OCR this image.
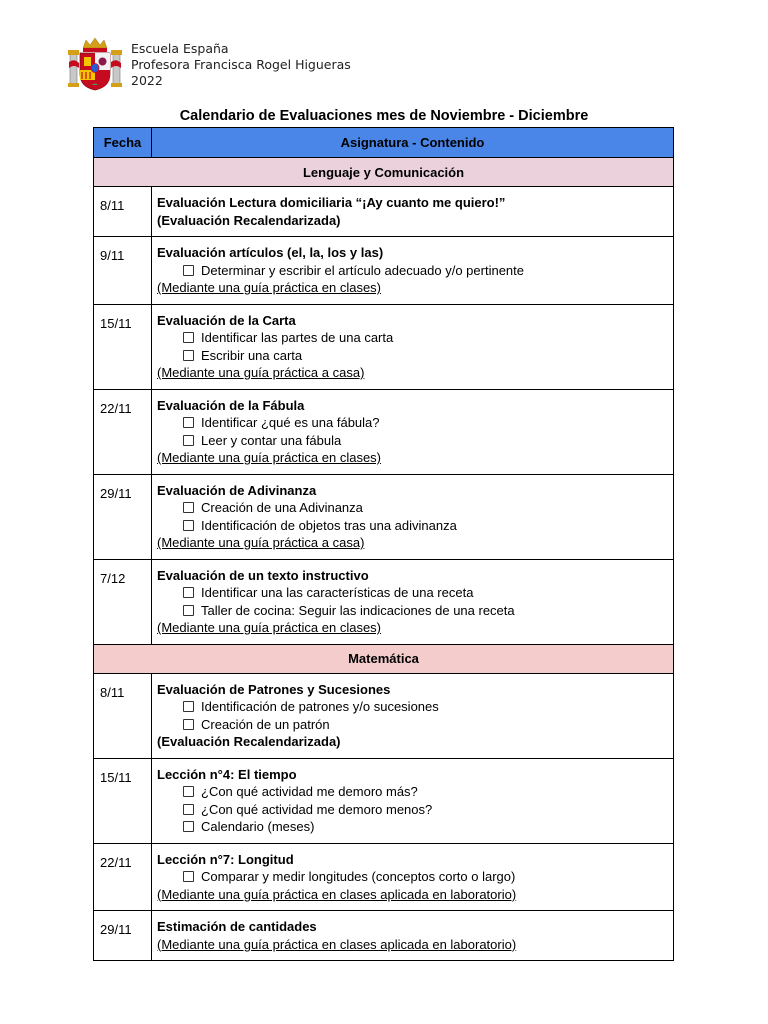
Escuela España
Profesora Francisca Rogel Higueras
2022
Calendario de Evaluaciones mes de Noviembre - Diciembre
Fecha	Asignatura - Contenido
Lenguaje y Comunicación	
8/11	Evaluación Lectura domiciliaria “¡Ay cuanto me quiero!”
(Evaluación Recalendarizada)

9/11	Evaluación artículos (el, la, los y las)
Determinar y escribir el artículo adecuado y/o pertinente
(Mediante una guía práctica en clases)

15/11	Evaluación de la Carta
Identificar las partes de una carta
Escribir una carta
(Mediante una guía práctica a casa)

22/11	Evaluación de la Fábula
Identificar ¿qué es una fábula?
Leer y contar una fábula
(Mediante una guía práctica en clases)

29/11	Evaluación de Adivinanza
Creación de una Adivinanza
Identificación de objetos tras una adivinanza
(Mediante una guía práctica a casa)

7/12	Evaluación de un texto instructivo
Identificar una las características de una receta
Taller de cocina: Seguir las indicaciones de una receta
(Mediante una guía práctica en clases)

Matemática	
8/11	Evaluación de Patrones y Sucesiones
Identificación de patrones y/o sucesiones
Creación de un patrón
(Evaluación Recalendarizada)

15/11	Lección n°4: El tiempo
¿Con qué actividad me demoro más?
¿Con qué actividad me demoro menos?
Calendario (meses)

22/11	Lección n°7: Longitud
Comparar y medir longitudes (conceptos corto o largo)
(Mediante una guía práctica en clases aplicada en laboratorio)

29/11	Estimación de cantidades
(Mediante una guía práctica en clases aplicada en laboratorio)
